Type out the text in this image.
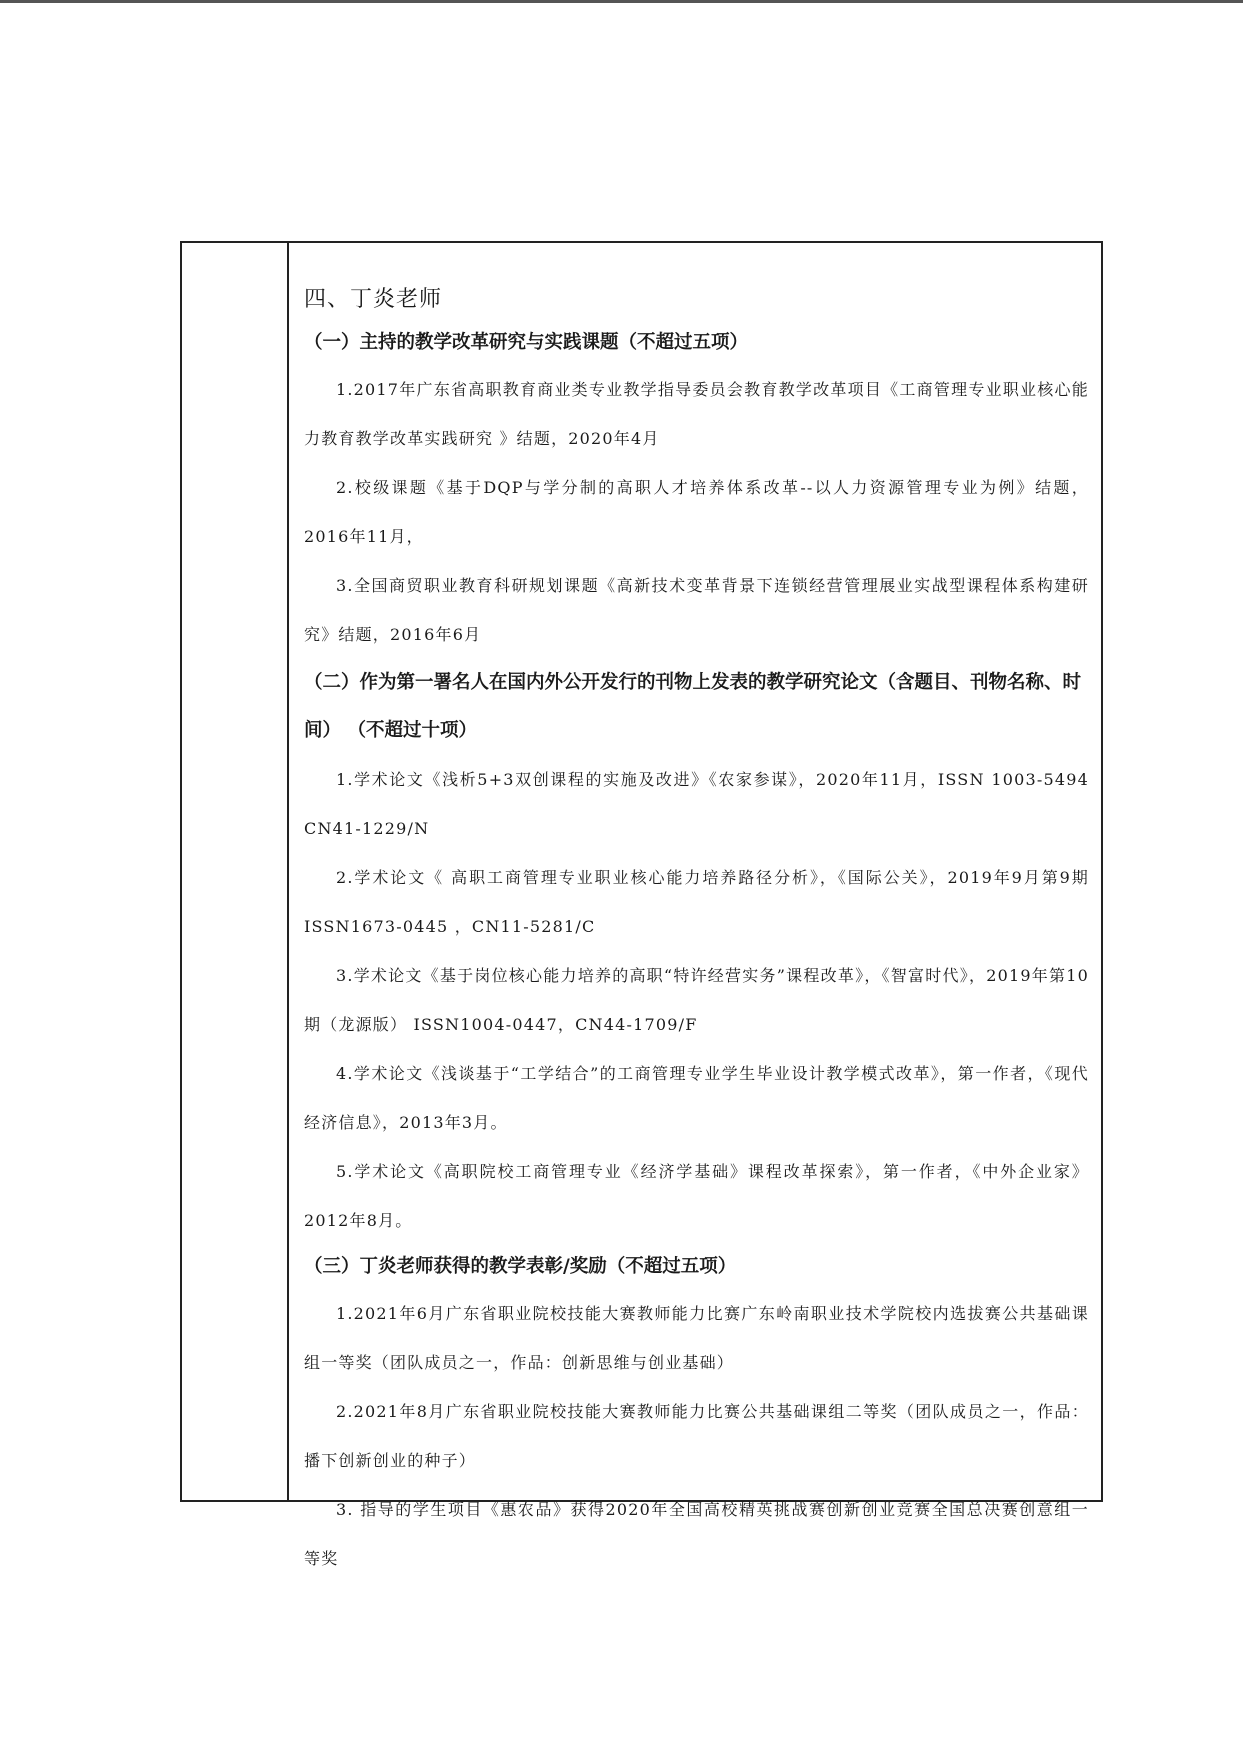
四、丁炎老师

（一）主持的教学改革研究与实践课题（不超过五项）

1.2017年广东省高职教育商业类专业教学指导委员会教育教学改革项目《工商管理专业职业核心能力教育教学改革实践研究 》结题，2020年4月

2.校级课题《基于DQP与学分制的高职人才培养体系改革--以人力资源管理专业为例》结题，2016年11月，

3.全国商贸职业教育科研规划课题《高新技术变革背景下连锁经营管理展业实战型课程体系构建研究》结题，2016年6月

（二）作为第一署名人在国内外公开发行的刊物上发表的教学研究论文（含题目、刊物名称、时间） （不超过十项）

1.学术论文《浅析5+3双创课程的实施及改进》《农家参谋》，2020年11月，ISSN 1003-5494 CN41-1229/N

2.学术论文《 高职工商管理专业职业核心能力培养路径分析》，《国际公关》，2019年9月第9期 ISSN1673-0445 ，CN11-5281/C

3.学术论文《基于岗位核心能力培养的高职“特许经营实务”课程改革》，《智富时代》，2019年第10 期（龙源版） ISSN1004-0447，CN44-1709/F

4.学术论文《浅谈基于“工学结合”的工商管理专业学生毕业设计教学模式改革》，第一作者，《现代经济信息》，2013年3月。

5.学术论文《高职院校工商管理专业《经济学基础》课程改革探索》，第一作者，《中外企业家》2012年8月。

（三）丁炎老师获得的教学表彰/奖励（不超过五项）

1.2021年6月广东省职业院校技能大赛教师能力比赛广东岭南职业技术学院校内选拔赛公共基础课组一等奖（团队成员之一，作品：创新思维与创业基础）

2.2021年8月广东省职业院校技能大赛教师能力比赛公共基础课组二等奖（团队成员之一，作品：播下创新创业的种子）

3. 指导的学生项目《惠农品》获得2020年全国高校精英挑战赛创新创业竞赛全国总决赛创意组一等奖
